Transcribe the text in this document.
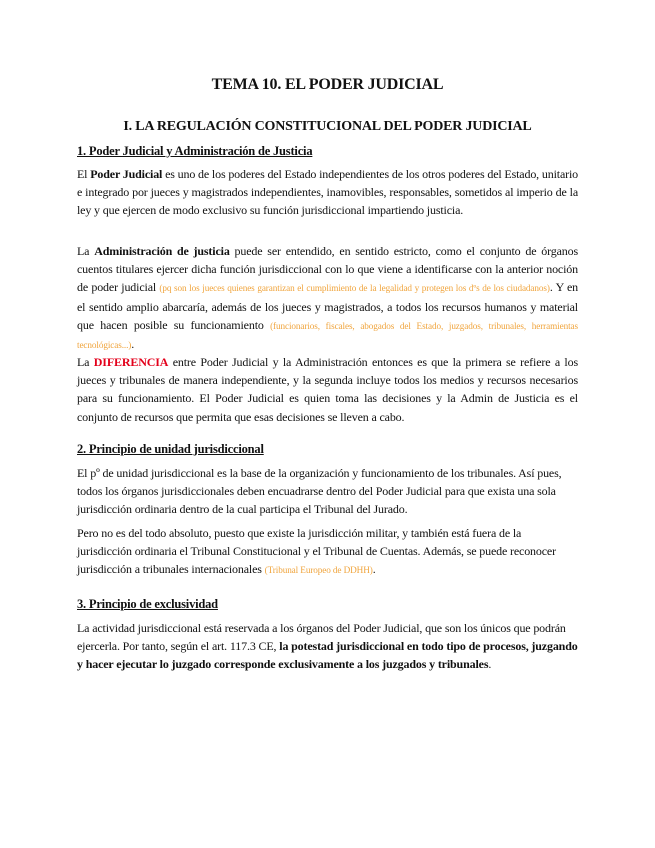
TEMA 10. EL PODER JUDICIAL
I. LA REGULACIÓN CONSTITUCIONAL DEL PODER JUDICIAL
1. Poder Judicial y Administración de Justicia

El Poder Judicial es uno de los poderes del Estado independientes de los otros poderes del Estado, unitario e integrado por jueces y magistrados independientes, inamovibles, responsables, sometidos al imperio de la ley y que ejercen de modo exclusivo su función jurisdiccional impartiendo justicia.

La Administración de justicia puede ser entendido, en sentido estricto, como el conjunto de órganos cuentos titulares ejercer dicha función jurisdiccional con lo que viene a identificarse con la anterior noción de poder judicial (pq son los jueces quienes garantizan el cumplimiento de la legalidad y protegen los dºs de los ciudadanos). Y en el sentido amplio abarcaría, además de los jueces y magistrados, a todos los recursos humanos y material que hacen posible su funcionamiento (funcionarios, fiscales, abogados del Estado, juzgados, tribunales, herramientas tecnológicas...).

La DIFERENCIA entre Poder Judicial y la Administración entonces es que la primera se refiere a los jueces y tribunales de manera independiente, y la segunda incluye todos los medios y recursos necesarios para su funcionamiento. El Poder Judicial es quien toma las decisiones y la Admin de Justicia es el conjunto de recursos que permita que esas decisiones se lleven a cabo.

2. Principio de unidad jurisdiccional

El pº de unidad jurisdiccional es la base de la organización y funcionamiento de los tribunales. Así pues, todos los órganos jurisdiccionales deben encuadrarse dentro del Poder Judicial para que exista una sola jurisdicción ordinaria dentro de la cual participa el Tribunal del Jurado.

Pero no es del todo absoluto, puesto que existe la jurisdicción militar, y también está fuera de la jurisdicción ordinaria el Tribunal Constitucional y el Tribunal de Cuentas. Además, se puede reconocer jurisdicción a tribunales internacionales (Tribunal Europeo de DDHH).

3. Principio de exclusividad

La actividad jurisdiccional está reservada a los órganos del Poder Judicial, que son los únicos que podrán ejercerla. Por tanto, según el art. 117.3 CE, la potestad jurisdiccional en todo tipo de procesos, juzgando y hacer ejecutar lo juzgado corresponde exclusivamente a los juzgados y tribunales.
